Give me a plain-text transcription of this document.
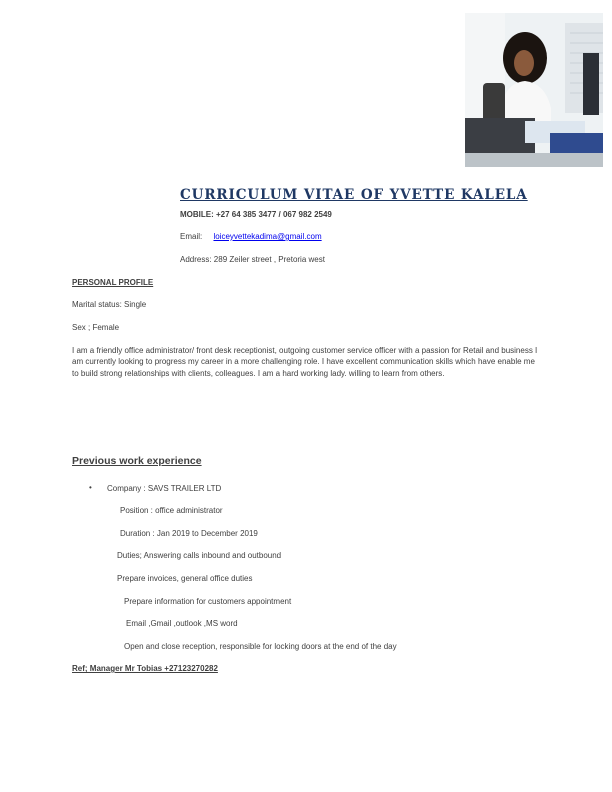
CURRICULUM VITAE OF YVETTE KALELA
MOBILE: +27 64 385 3477 / 067 982 2549
Email: loiceyvettekadima@gmail.com
Address: 289 Zeiler street , Pretoria west
PERSONAL PROFILE
Marital status: Single
Sex ; Female
I am a friendly office administrator/ front desk receptionist, outgoing customer service officer with a passion for Retail and business I am currently looking to progress my career in a more challenging role. I have excellent communication skills which have enable me to build strong relationships with clients, colleagues. I am a hard working lady. willing to learn from others.
Previous work experience
• Company : SAVS TRAILER LTD
Position : office administrator
Duration : Jan 2019 to December 2019
Duties; Answering calls inbound and outbound
Prepare invoices, general office duties
Prepare information for customers appointment
Email ,Gmail ,outlook ,MS word
Open and close reception, responsible for locking doors at the end of the day
Ref; Manager Mr Tobias +27123270282
